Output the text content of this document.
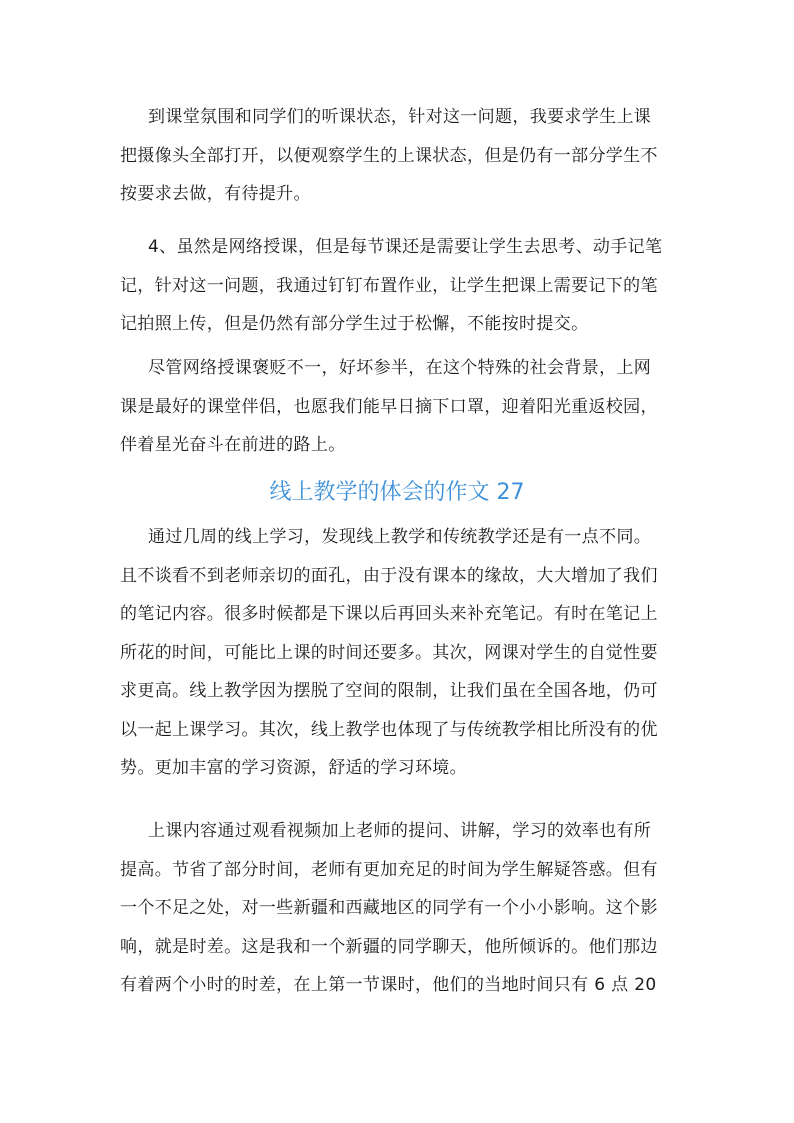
到课堂氛围和同学们的听课状态，针对这一问题，我要求学生上课
把摄像头全部打开，以便观察学生的上课状态，但是仍有一部分学生不
按要求去做，有待提升。
4、虽然是网络授课，但是每节课还是需要让学生去思考、动手记笔
记，针对这一问题，我通过钉钉布置作业，让学生把课上需要记下的笔
记拍照上传，但是仍然有部分学生过于松懈，不能按时提交。
尽管网络授课褒贬不一，好坏参半，在这个特殊的社会背景，上网
课是最好的课堂伴侣，也愿我们能早日摘下口罩，迎着阳光重返校园，
伴着星光奋斗在前进的路上。
线上教学的体会的作文 27
通过几周的线上学习，发现线上教学和传统教学还是有一点不同。
且不谈看不到老师亲切的面孔，由于没有课本的缘故，大大增加了我们
的笔记内容。很多时候都是下课以后再回头来补充笔记。有时在笔记上
所花的时间，可能比上课的时间还要多。其次，网课对学生的自觉性要
求更高。线上教学因为摆脱了空间的限制，让我们虽在全国各地，仍可
以一起上课学习。其次，线上教学也体现了与传统教学相比所没有的优
势。更加丰富的学习资源，舒适的学习环境。
上课内容通过观看视频加上老师的提问、讲解，学习的效率也有所
提高。节省了部分时间，老师有更加充足的时间为学生解疑答惑。但有
一个不足之处，对一些新疆和西藏地区的同学有一个小小影响。这个影
响，就是时差。这是我和一个新疆的同学聊天，他所倾诉的。他们那边
有着两个小时的时差，在上第一节课时，他们的当地时间只有 6 点 20
